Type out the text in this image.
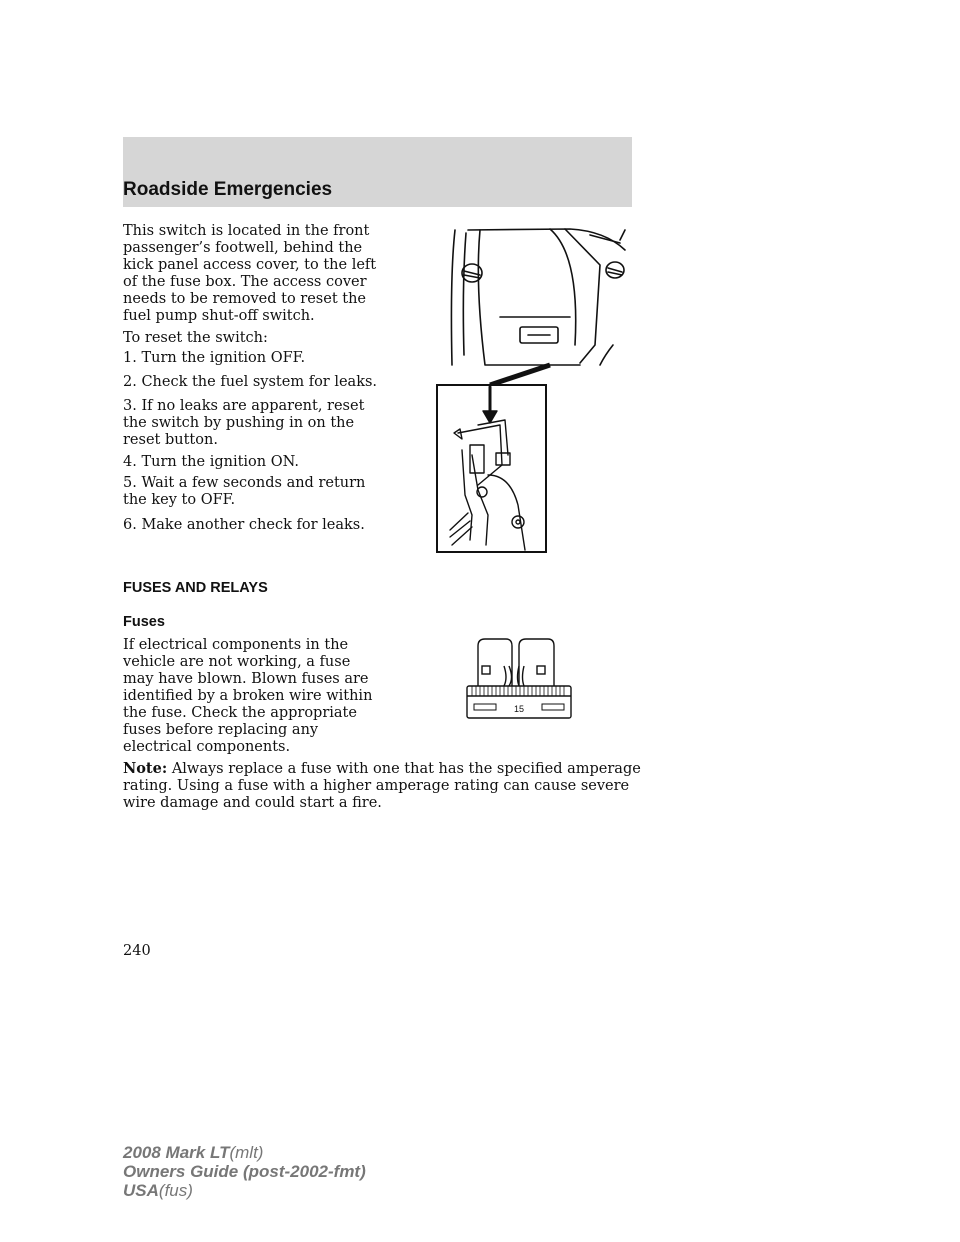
Roadside Emergencies

This switch is located in the front passenger’s footwell, behind the kick panel access cover, to the left of the fuse box. The access cover needs to be removed to reset the fuel pump shut-off switch.

To reset the switch:

1. Turn the ignition OFF.

2. Check the fuel system for leaks.

3. If no leaks are apparent, reset the switch by pushing in on the reset button.

4. Turn the ignition ON.

5. Wait a few seconds and return the key to OFF.

6. Make another check for leaks.

FUSES AND RELAYS
Fuses

If electrical components in the vehicle are not working, a fuse may have blown. Blown fuses are identified by a broken wire within the fuse. Check the appropriate fuses before replacing any electrical components.

Note: Always replace a fuse with one that has the specified amperage rating. Using a fuse with a higher amperage rating can cause severe wire damage and could start a fire.

15
240
2008 Mark LT(mlt)
Owners Guide (post-2002-fmt)
USA(fus)
